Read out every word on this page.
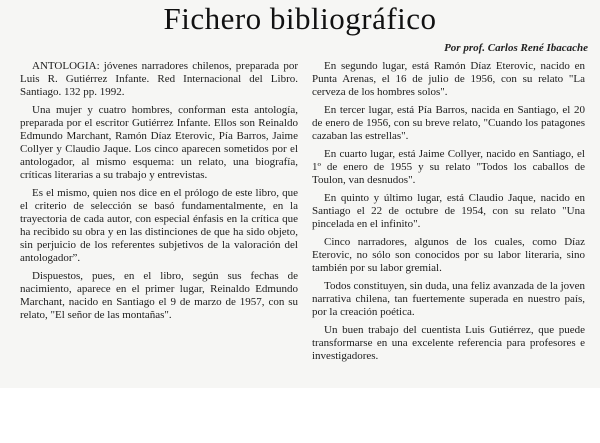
Fichero bibliográfico
Por prof. Carlos René Ibacache

ANTOLOGIA: jóvenes narradores chilenos, preparada por Luis R. Gutiérrez Infante. Red Internacional del Libro. Santiago. 132 pp. 1992.

Una mujer y cuatro hombres, conforman esta antología, preparada por el escritor Gutiérrez Infante. Ellos son Reinaldo Edmundo Marchant, Ramón Díaz Eterovic, Pía Barros, Jaime Collyer y Claudio Jaque. Los cinco aparecen sometidos por el antologador, al mismo esquema: un relato, una biografía, críticas literarias a su trabajo y entrevistas.

Es el mismo, quien nos dice en el prólogo de este libro, que el criterio de selección se basó fundamentalmente, en la trayectoria de cada autor, con especial énfasis en la crítica que ha recibido su obra y en las distinciones de que ha sido objeto, sin perjuicio de los referentes subjetivos de la valoración del antologador”.

Dispuestos, pues, en el libro, según sus fechas de nacimiento, aparece en el primer lugar, Reinaldo Edmundo Marchant, nacido en Santiago el 9 de marzo de 1957, con su relato, "El señor de las montañas".

En segundo lugar, está Ramón Díaz Eterovic, nacido en Punta Arenas, el 16 de julio de 1956, con su relato "La cerveza de los hombres solos".

En tercer lugar, está Pía Barros, nacida en Santiago, el 20 de enero de 1956, con su breve relato, "Cuando los patagones cazaban las estrellas".

En cuarto lugar, está Jaime Collyer, nacido en Santiago, el 1º de enero de 1955 y su relato "Todos los caballos de Toulon, van desnudos".

En quinto y último lugar, está Claudio Jaque, nacido en Santiago el 22 de octubre de 1954, con su relato "Una pincelada en el infinito".

Cinco narradores, algunos de los cuales, como Díaz Eterovic, no sólo son conocidos por su labor literaria, sino también por su labor gremial.

Todos constituyen, sin duda, una feliz avanzada de la joven narrativa chilena, tan fuertemente superada en nuestro país, por la creación poética.

Un buen trabajo del cuentista Luis Gutiérrez, que puede transformarse en una excelente referencia para profesores e investigadores.
